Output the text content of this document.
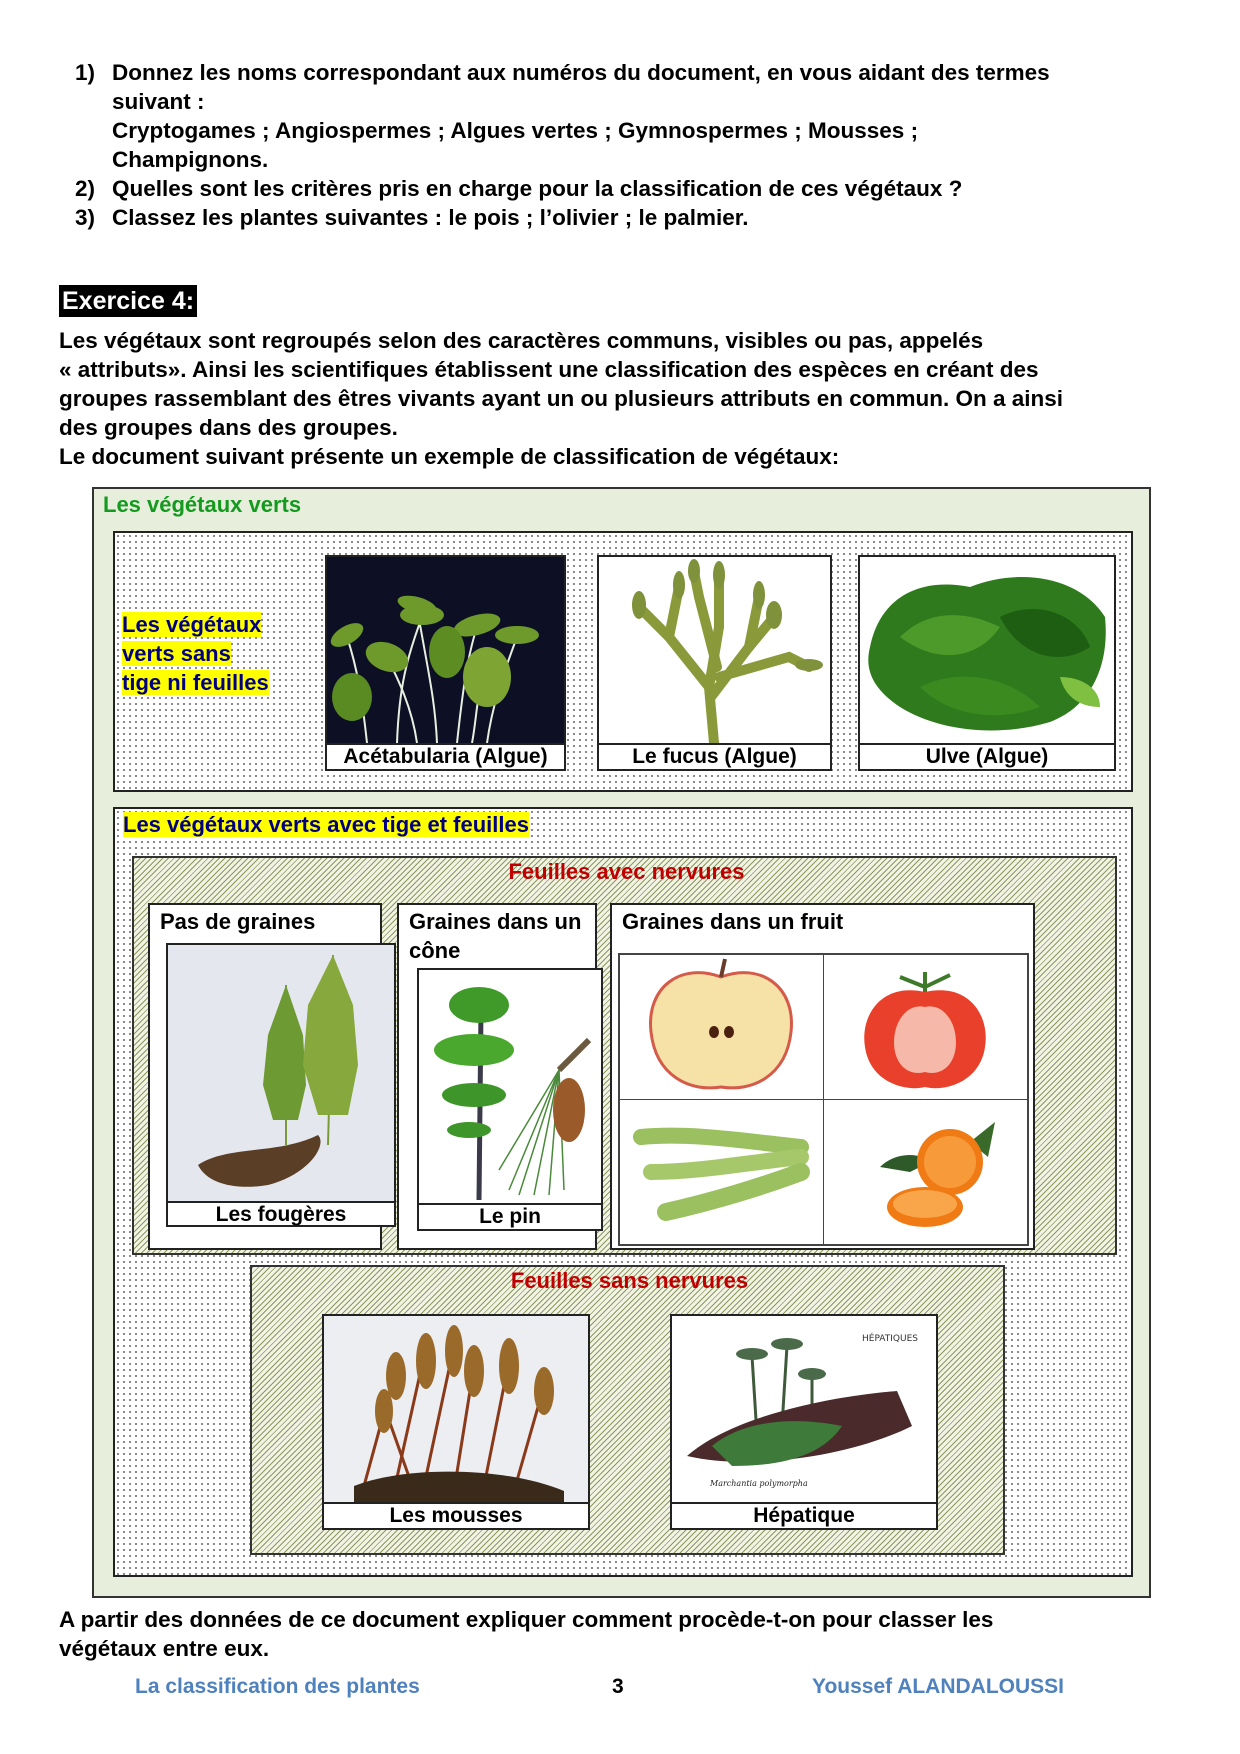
1) Donnez les noms correspondant aux numéros du document, en vous aidant des termes
suivant :
Cryptogames ; Angiospermes ; Algues vertes ; Gymnospermes ; Mousses ;
Champignons.
2) Quelles sont les critères pris en charge pour la classification de ces végétaux ?
3) Classez les plantes suivantes : le pois ; l’olivier ; le palmier.
Exercice 4:
Les végétaux sont regroupés selon des caractères communs, visibles ou pas, appelés
« attributs». Ainsi les scientifiques établissent une classification des espèces en créant des
groupes rassemblant des êtres vivants ayant un ou plusieurs attributs en commun. On a ainsi
des groupes dans des groupes.
Le document suivant présente un exemple de classification de végétaux:
Les végétaux verts
Les végétaux
verts sans
tige ni feuilles
Acétabularia (Algue)	Le fucus (Algue)	Ulve (Algue)
Les végétaux verts avec tige et feuilles
Feuilles avec nervures
Pas de graines
Les fougères
Graines dans un
cône
Le pin
Graines dans un fruit
Feuilles sans nervures
Les mousses
HÉPATIQUES
Marchantia polymorpha
Hépatique
A partir des données de ce document expliquer comment procède-t-on pour classer les
végétaux entre eux.
La classification des plantes	3	Youssef ALANDALOUSSI
